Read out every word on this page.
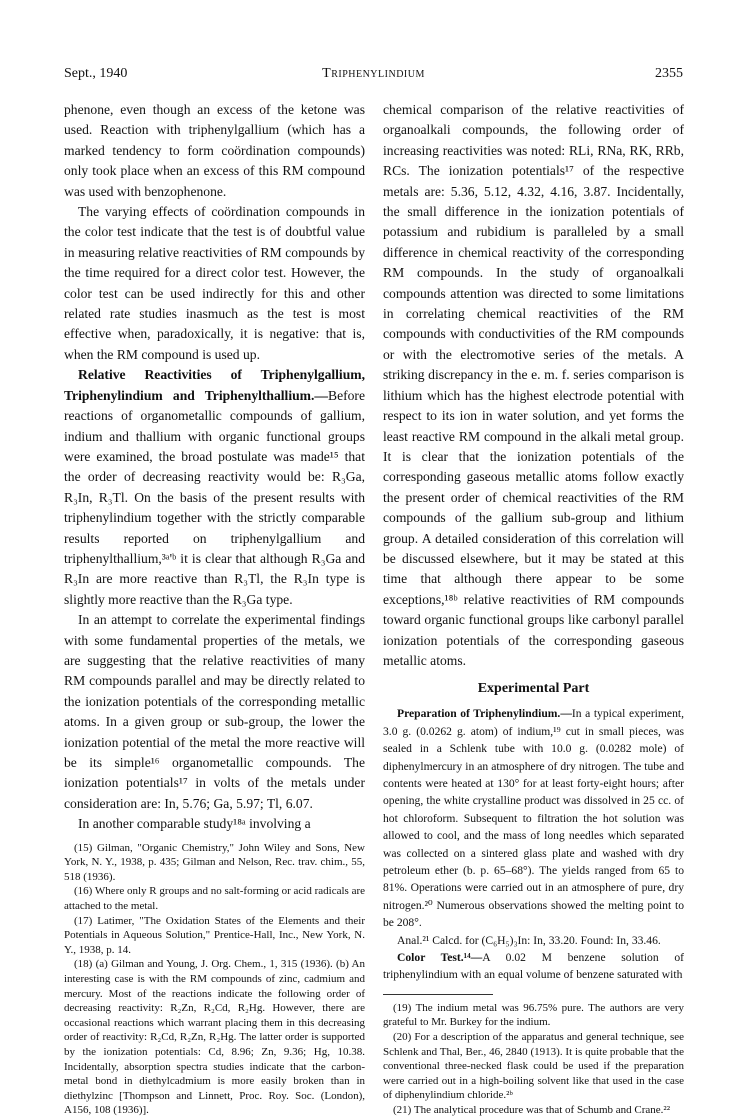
Sept., 1940	Triphenylindium	2355

phenone, even though an excess of the ketone was used. Reaction with triphenylgallium (which has a marked tendency to form coördination compounds) only took place when an excess of this RM compound was used with benzophenone.

The varying effects of coördination compounds in the color test indicate that the test is of doubtful value in measuring relative reactivities of RM compounds by the time required for a direct color test. However, the color test can be used indirectly for this and other related rate studies inasmuch as the test is most effective when, paradoxically, it is negative: that is, when the RM compound is used up.

Relative Reactivities of Triphenylgallium, Triphenylindium and Triphenylthallium.—Before reactions of organometallic compounds of gallium, indium and thallium with organic functional groups were examined, the broad postulate was made¹⁵ that the order of decreasing reactivity would be: R₃Ga, R₃In, R₃Tl. On the basis of the present results with triphenylindium together with the strictly comparable results reported on triphenylgallium and triphenylthallium,³ᵃ'ᵇ it is clear that although R₃Ga and R₃In are more reactive than R₃Tl, the R₃In type is slightly more reactive than the R₃Ga type.

In an attempt to correlate the experimental findings with some fundamental properties of the metals, we are suggesting that the relative reactivities of many RM compounds parallel and may be directly related to the ionization potentials of the corresponding metallic atoms. In a given group or sub-group, the lower the ionization potential of the metal the more reactive will be its simple¹⁶ organometallic compounds. The ionization potentials¹⁷ in volts of the metals under consideration are: In, 5.76; Ga, 5.97; Tl, 6.07.

In another comparable study¹⁸ᵃ involving a

(15) Gilman, "Organic Chemistry," John Wiley and Sons, New York, N. Y., 1938, p. 435; Gilman and Nelson, Rec. trav. chim., 55, 518 (1936).

(16) Where only R groups and no salt-forming or acid radicals are attached to the metal.

(17) Latimer, "The Oxidation States of the Elements and their Potentials in Aqueous Solution," Prentice-Hall, Inc., New York, N. Y., 1938, p. 14.

(18) (a) Gilman and Young, J. Org. Chem., 1, 315 (1936). (b) An interesting case is with the RM compounds of zinc, cadmium and mercury. Most of the reactions indicate the following order of decreasing reactivity: R₂Zn, R₂Cd, R₂Hg. However, there are occasional reactions which warrant placing them in this decreasing order of reactivity: R₂Cd, R₂Zn, R₂Hg. The latter order is supported by the ionization potentials: Cd, 8.96; Zn, 9.36; Hg, 10.38. Incidentally, absorption spectra studies indicate that the carbon-metal bond in diethylcadmium is more easily broken than in diethylzinc [Thompson and Linnett, Proc. Roy. Soc. (London), A156, 108 (1936)].

chemical comparison of the relative reactivities of organoalkali compounds, the following order of increasing reactivities was noted: RLi, RNa, RK, RRb, RCs. The ionization potentials¹⁷ of the respective metals are: 5.36, 5.12, 4.32, 4.16, 3.87. Incidentally, the small difference in the ionization potentials of potassium and rubidium is paralleled by a small difference in chemical reactivity of the corresponding RM compounds. In the study of organoalkali compounds attention was directed to some limitations in correlating chemical reactivities of the RM compounds with conductivities of the RM compounds or with the electromotive series of the metals. A striking discrepancy in the e. m. f. series comparison is lithium which has the highest electrode potential with respect to its ion in water solution, and yet forms the least reactive RM compound in the alkali metal group. It is clear that the ionization potentials of the corresponding gaseous metallic atoms follow exactly the present order of chemical reactivities of the RM compounds of the gallium sub-group and lithium group. A detailed consideration of this correlation will be discussed elsewhere, but it may be stated at this time that although there appear to be some exceptions,¹⁸ᵇ relative reactivities of RM compounds toward organic functional groups like carbonyl parallel ionization potentials of the corresponding gaseous metallic atoms.

Experimental Part

Preparation of Triphenylindium.—In a typical experiment, 3.0 g. (0.0262 g. atom) of indium,¹⁹ cut in small pieces, was sealed in a Schlenk tube with 10.0 g. (0.0282 mole) of diphenylmercury in an atmosphere of dry nitrogen. The tube and contents were heated at 130° for at least forty-eight hours; after opening, the white crystalline product was dissolved in 25 cc. of hot chloroform. Subsequent to filtration the hot solution was allowed to cool, and the mass of long needles which separated was collected on a sintered glass plate and washed with dry petroleum ether (b. p. 65–68°). The yields ranged from 65 to 81%. Operations were carried out in an atmosphere of pure, dry nitrogen.²⁰ Numerous observations showed the melting point to be 208°.

Anal.²¹ Calcd. for (C₆H₅)₃In: In, 33.20. Found: In, 33.46.

Color Test.¹⁴—A 0.02 M benzene solution of triphenylindium with an equal volume of benzene saturated with

(19) The indium metal was 96.75% pure. The authors are very grateful to Mr. Burkey for the indium.

(20) For a description of the apparatus and general technique, see Schlenk and Thal, Ber., 46, 2840 (1913). It is quite probable that the conventional three-necked flask could be used if the preparation were carried out in a high-boiling solvent like that used in the case of diphenylindium chloride.²ᵇ

(21) The analytical procedure was that of Schumb and Crane.²²
